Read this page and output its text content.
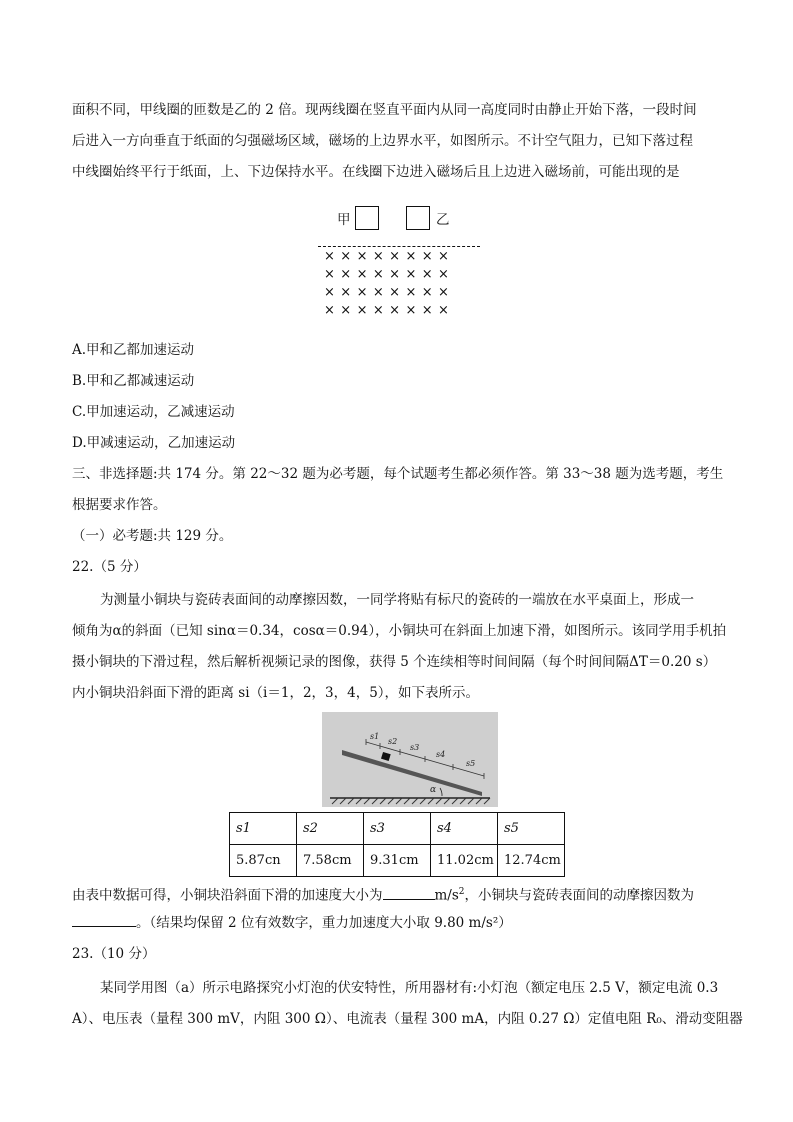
面积不同，甲线圈的匝数是乙的 2 倍。现两线圈在竖直平面内从同一高度同时由静止开始下落，一段时间
后进入一方向垂直于纸面的匀强磁场区域，磁场的上边界水平，如图所示。不计空气阻力，已知下落过程
中线圈始终平行于纸面，上、下边保持水平。在线圈下边进入磁场后且上边进入磁场前，可能出现的是
甲	乙
××××××××
××××××××
××××××××
××××××××
A.甲和乙都加速运动
B.甲和乙都减速运动
C.甲加速运动，乙减速运动
D.甲减速运动，乙加速运动
三、非选择题:共 174 分。第 22～32 题为必考题，每个试题考生都必须作答。第 33～38 题为选考题，考生
根据要求作答。
（一）必考题:共 129 分。
22.（5 分）
为测量小铜块与瓷砖表面间的动摩擦因数，一同学将贴有标尺的瓷砖的一端放在水平桌面上，形成一
倾角为α的斜面（已知 sinα＝0.34，cosα＝0.94），小铜块可在斜面上加速下滑，如图所示。该同学用手机拍
摄小铜块的下滑过程，然后解析视频记录的图像，获得 5 个连续相等时间间隔（每个时间间隔ΔT＝0.20 s）
内小铜块沿斜面下滑的距离 si（i＝1，2，3，4，5），如下表所示。
s1
s2
s3
s4
s5
α
s1	s2	s3	s4	s5
5.87cn	7.58cm	9.31cm	11.02cm	12.74cm
由表中数据可得，小铜块沿斜面下滑的加速度大小为	$m/s^2$，小铜块与瓷砖表面间的动摩擦因数为
。（结果均保留 2 位有效数字，重力加速度大小取 9.80 m/s²）
23.（10 分）
某同学用图（a）所示电路探究小灯泡的伏安特性，所用器材有:小灯泡（额定电压 2.5 V，额定电流 0.3
A）、电压表（量程 300 mV，内阻 300 Ω）、电流表（量程 300 mA，内阻 0.27 Ω）定值电阻 R₀、滑动变阻器
